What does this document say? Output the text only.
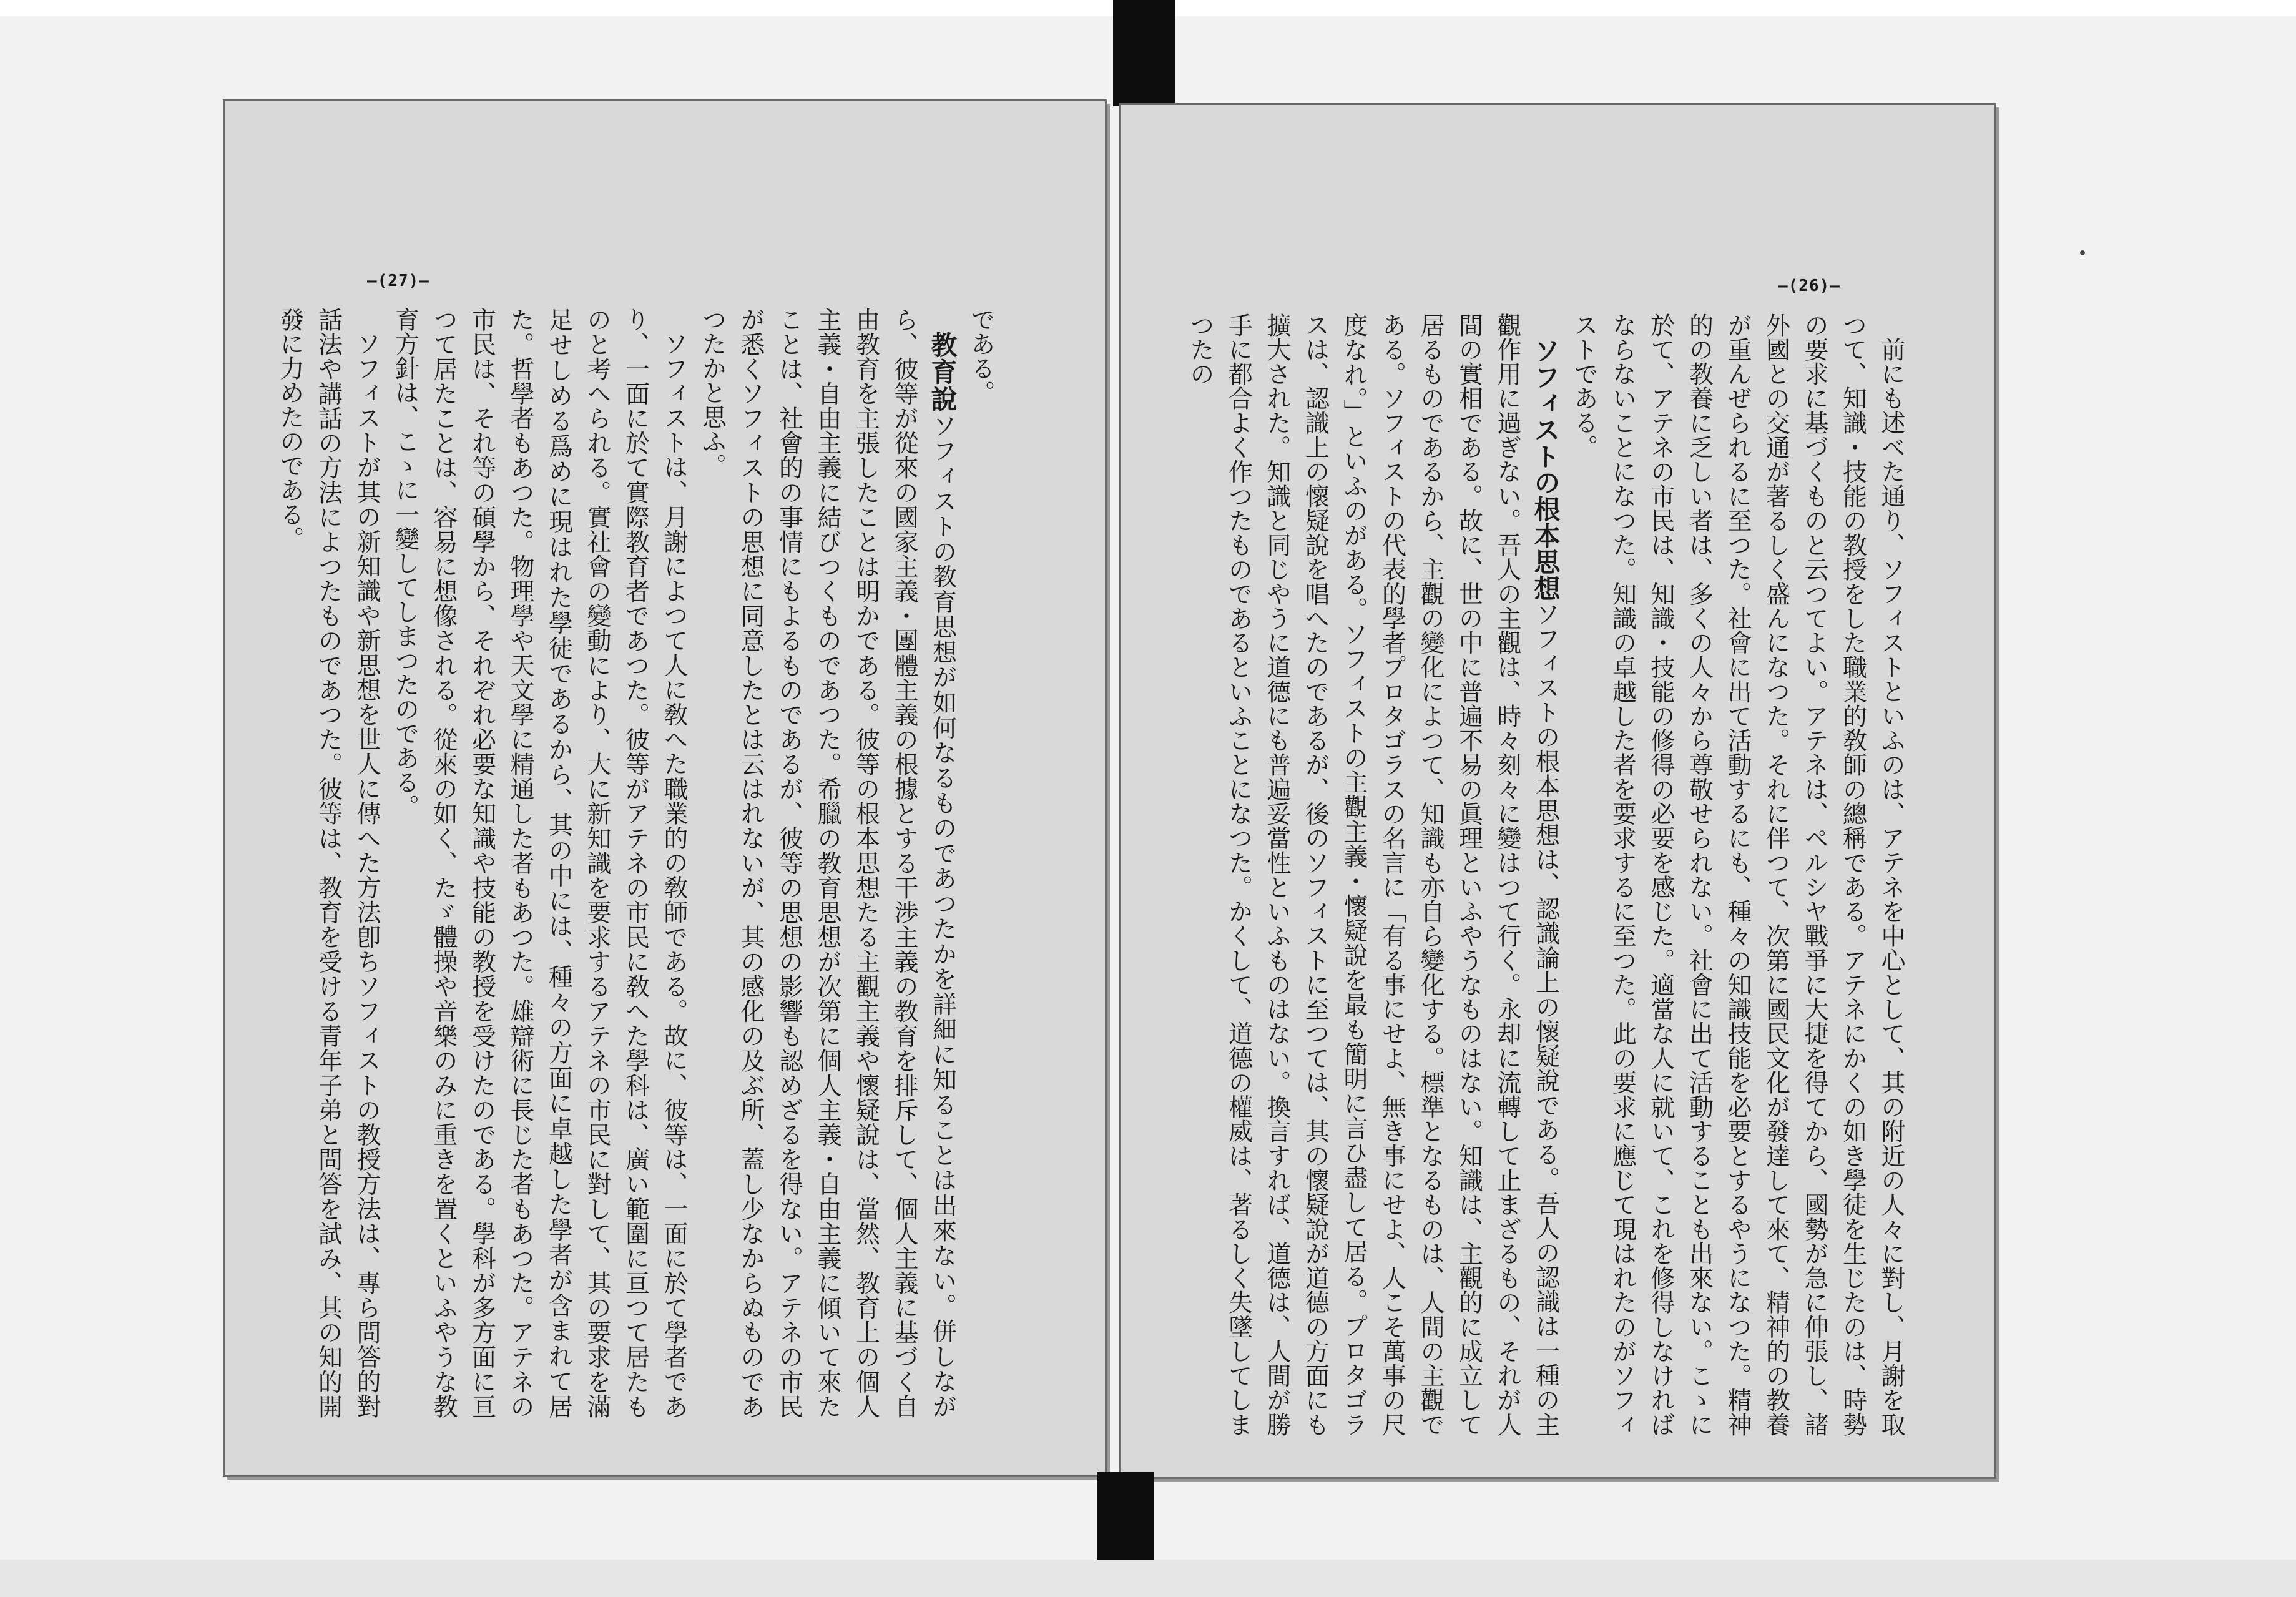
—(27)—

である。

教育說ソフィストの教育思想が如何なるものであつたかを詳細に知ることは出來ない。併しながら、彼等が從來の國家主義・團體主義の根據とする干渉主義の教育を排斥して、個人主義に基づく自由教育を主張したことは明かである。彼等の根本思想たる主觀主義や懷疑說は、當然、教育上の個人主義・自由主義に結びつくものであつた。希臘の教育思想が次第に個人主義・自由主義に傾いて來たことは、社會的の事情にもよるものであるが、彼等の思想の影響も認めざるを得ない。アテネの市民が悉くソフィストの思想に同意したとは云はれないが、其の感化の及ぶ所、蓋し少なからぬものであつたかと思ふ。

ソフィストは、月謝によつて人に敎へた職業的の敎師である。故に、彼等は、一面に於て學者であり、一面に於て實際教育者であつた。彼等がアテネの市民に敎へた學科は、廣い範圍に亘つて居たものと考へられる。實社會の變動により、大に新知識を要求するアテネの市民に對して、其の要求を滿足せしめる爲めに現はれた學徒であるから、其の中には、種々の方面に卓越した學者が含まれて居た。哲學者もあつた。物理學や天文學に精通した者もあつた。雄辯術に長じた者もあつた。アテネの市民は、それ等の碩學から、それぞれ必要な知識や技能の教授を受けたのである。學科が多方面に亘つて居たことは、容易に想像される。從來の如く、たゞ體操や音樂のみに重きを置くといふやうな教育方針は、こゝに一變してしまつたのである。

ソフィストが其の新知識や新思想を世人に傳へた方法卽ちソフィストの教授方法は、專ら問答的對話法や講話の方法によつたものであつた。彼等は、教育を受ける青年子弟と問答を試み、其の知的開發に力めたのである。

—(26)—

前にも述べた通り、ソフィストといふのは、アテネを中心として、其の附近の人々に對し、月謝を取つて、知識・技能の教授をした職業的敎師の總稱である。アテネにかくの如き學徒を生じたのは、時勢の要求に基づくものと云つてよい。アテネは、ペルシヤ戰爭に大捷を得てから、國勢が急に伸張し、諸外國との交通が著るしく盛んになつた。それに伴つて、次第に國民文化が發達して來て、精神的の教養が重んぜられるに至つた。社會に出て活動するにも、種々の知識技能を必要とするやうになつた。精神的の教養に乏しい者は、多くの人々から尊敬せられない。社會に出て活動することも出來ない。こゝに於て、アテネの市民は、知識・技能の修得の必要を感じた。適當な人に就いて、これを修得しなければならないことになつた。知識の卓越した者を要求するに至つた。此の要求に應じて現はれたのがソフィストである。

ソフィストの根本思想ソフィストの根本思想は、認識論上の懷疑說である。吾人の認識は一種の主觀作用に過ぎない。吾人の主觀は、時々刻々に變はつて行く。永却に流轉して止まざるもの、それが人間の實相である。故に、世の中に普遍不易の眞理といふやうなものはない。知識は、主觀的に成立して居るものであるから、主觀の變化によつて、知識も亦自ら變化する。標準となるものは、人間の主觀である。ソフィストの代表的學者プロタゴラスの名言に「有る事にせよ、無き事にせよ、人こそ萬事の尺度なれ。」といふのがある。ソフィストの主觀主義・懷疑說を最も簡明に言ひ盡して居る。プロタゴラスは、認識上の懷疑說を唱へたのであるが、後のソフィストに至つては、其の懷疑說が道德の方面にも擴大された。知識と同じやうに道德にも普遍妥當性といふものはない。換言すれば、道德は、人間が勝手に都合よく作つたものであるといふことになつた。かくして、道德の權威は、著るしく失墜してしまつたの
